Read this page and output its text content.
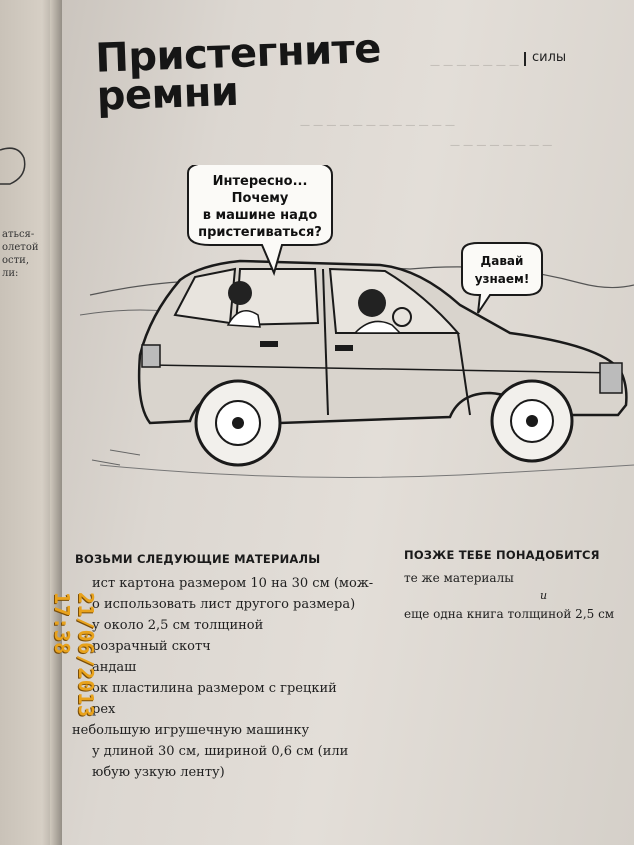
аться-
олетой
ости,
ли:
— — — — — — —
— — — — — — — — — — — —
— — — — — — — —
Пристегните
ремни
силы
Интересно...
Почему
в машине надо
пристегиваться?
Давай
узнаем!
ВОЗЬМИ СЛЕДУЮЩИЕ МАТЕРИАЛЫ	ПОЗЖЕ ТЕБЕ ПОНАДОБИТСЯ
ист картона размером 10 на 30 см (мож-
о использовать лист другого размера)
у около 2,5 см толщиной
розрачный скотч
андаш
ок пластилина размером с грецкий
рех
небольшую игрушечную машинку
у длиной 30 см, шириной 0,6 см (или
юбую узкую ленту)
те же материалы
и
еще одна книга толщиной 2,5 см
21/06/2013 17:38
